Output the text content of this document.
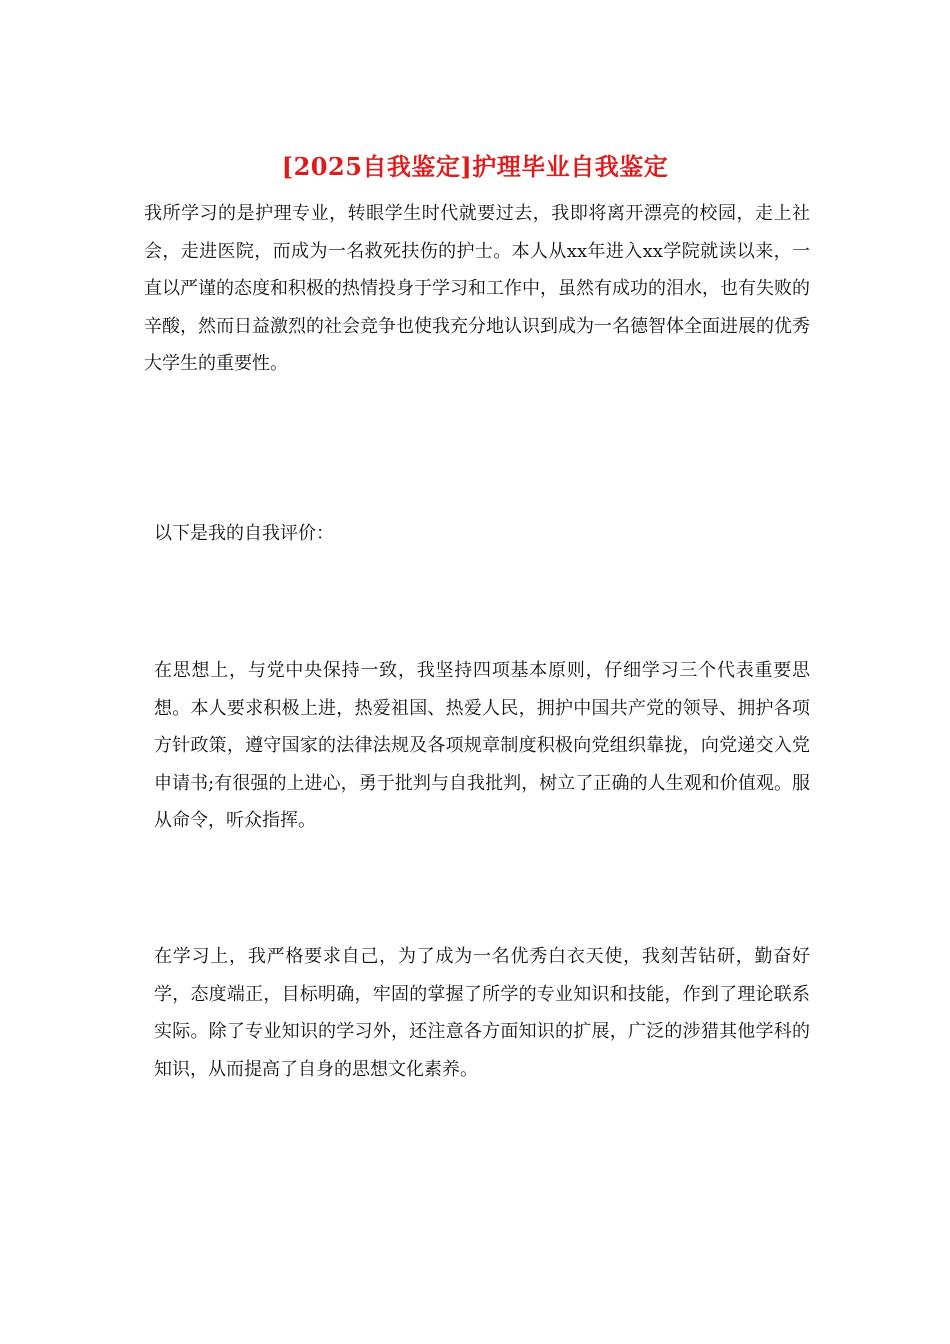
[2025自我鉴定]护理毕业自我鉴定

我所学习的是护理专业，转眼学生时代就要过去，我即将离开漂亮的校园，走上社会，走进医院，而成为一名救死扶伤的护士。本人从xx年进入xx学院就读以来，一直以严谨的态度和积极的热情投身于学习和工作中，虽然有成功的泪水，也有失败的辛酸，然而日益激烈的社会竞争也使我充分地认识到成为一名德智体全面进展的优秀大学生的重要性。

以下是我的自我评价：

在思想上，与党中央保持一致，我坚持四项基本原则，仔细学习三个代表重要思想。本人要求积极上进，热爱祖国、热爱人民，拥护中国共产党的领导、拥护各项方针政策，遵守国家的法律法规及各项规章制度积极向党组织靠拢，向党递交入党申请书;有很强的上进心，勇于批判与自我批判，树立了正确的人生观和价值观。服从命令，听众指挥。

在学习上，我严格要求自己，为了成为一名优秀白衣天使，我刻苦钻研，勤奋好学，态度端正，目标明确，牢固的掌握了所学的专业知识和技能，作到了理论联系实际。除了专业知识的学习外，还注意各方面知识的扩展，广泛的涉猎其他学科的知识，从而提高了自身的思想文化素养。
